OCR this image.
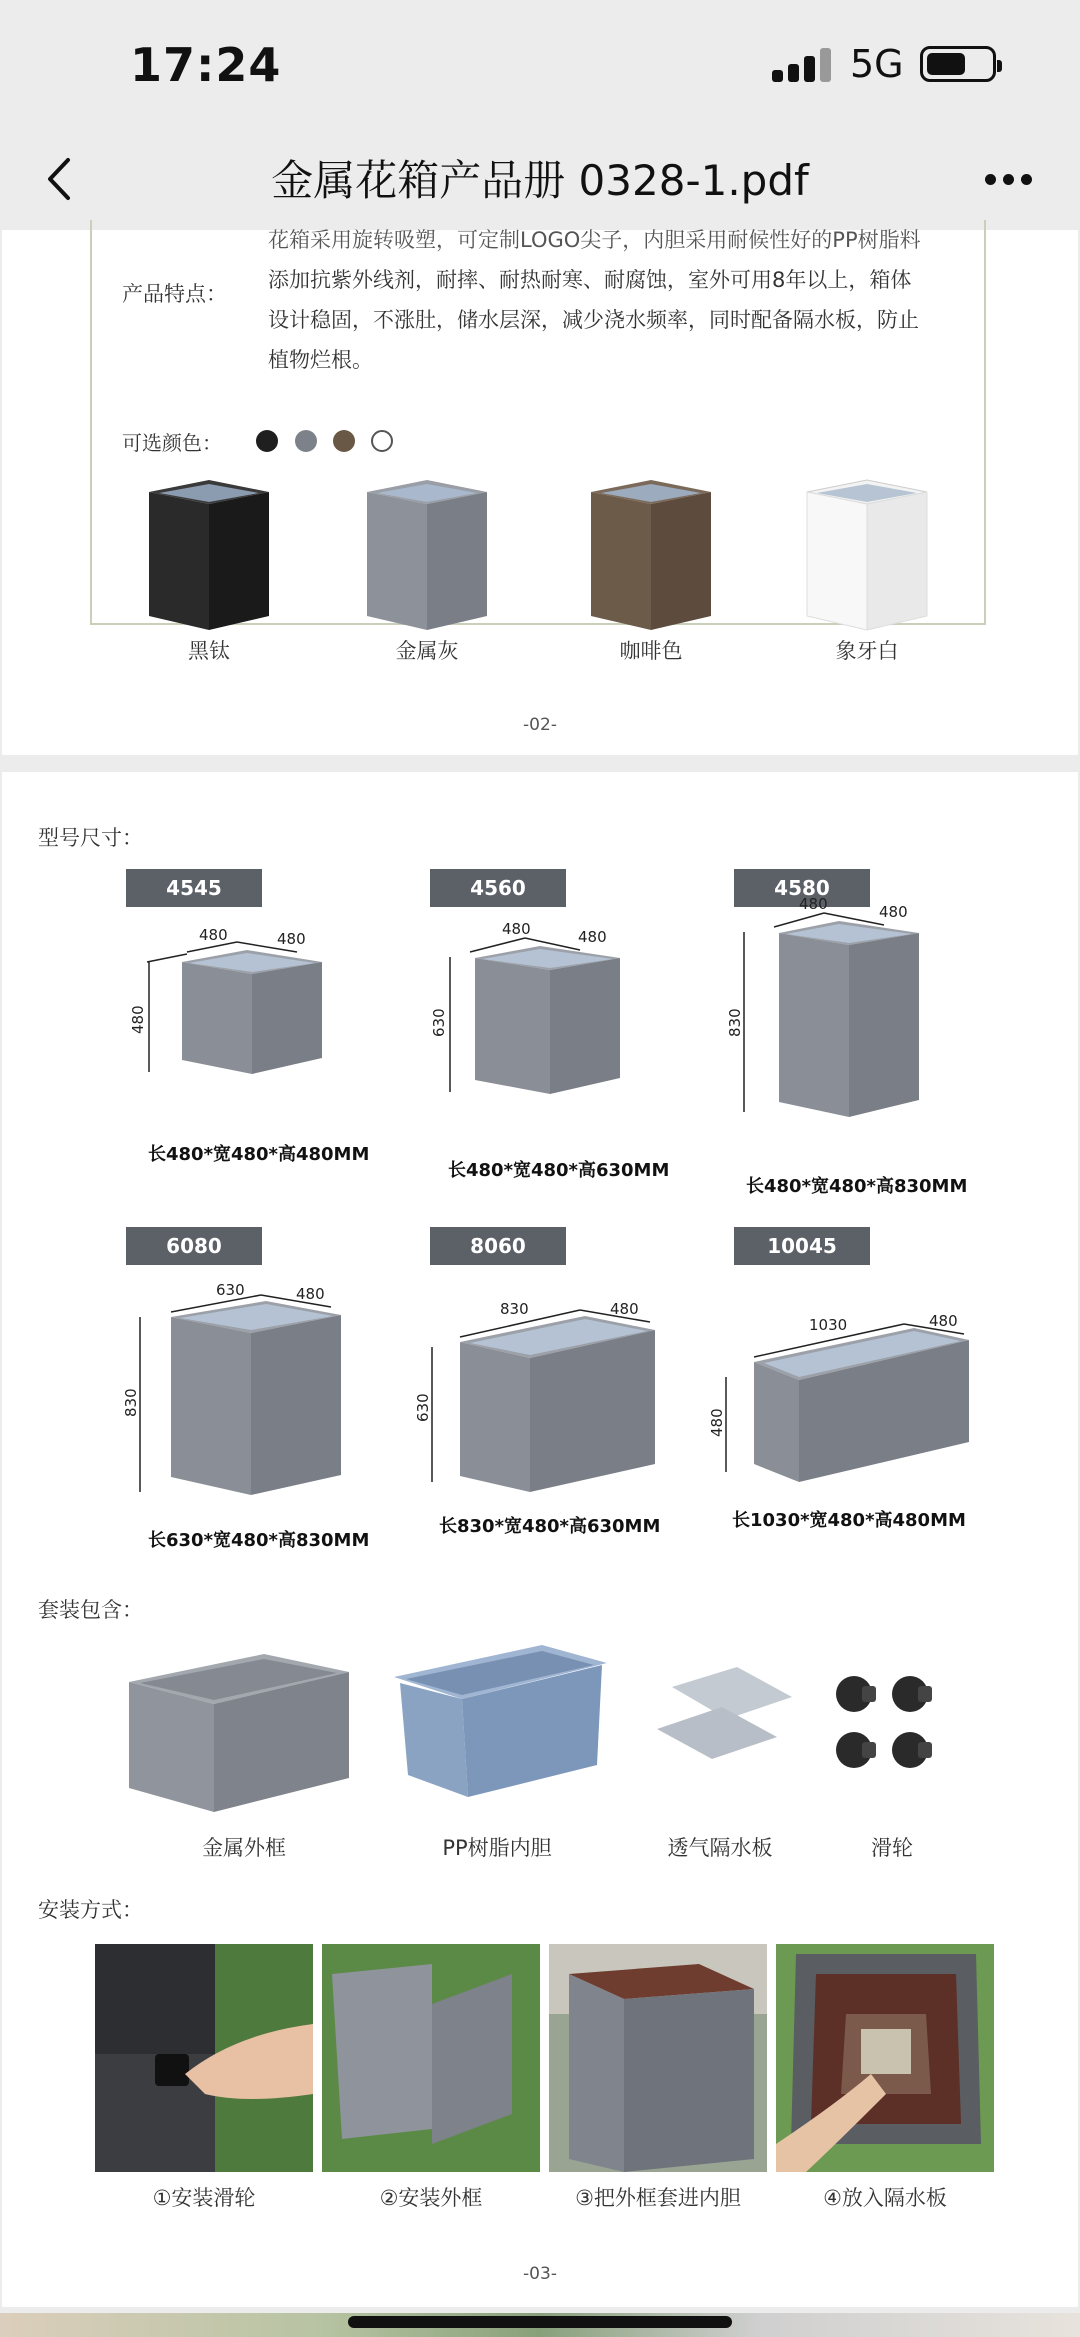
17:24	5G
金属花箱产品册 0328-1.pdf
产品特点：
花箱采用旋转吸塑，可定制LOGO尖子，内胆采用耐候性好的PP树脂料
添加抗紫外线剂，耐摔、耐热耐寒、耐腐蚀，室外可用8年以上，箱体
设计稳固，不涨肚，储水层深，减少浇水频率，同时配备隔水板，防止
植物烂根。
可选颜色：
黑钛	金属灰	咖啡色	象牙白
-02-
型号尺寸：
4545	4560	4580
480	480
480
长480*宽480*高480MM
480	480
630
长480*宽480*高630MM
480	480
830
长480*宽480*高830MM
6080	8060	10045
630	480
830
长630*宽480*高830MM
830	480
630
长830*宽480*高630MM
1030	480
480
长1030*宽480*高480MM
套装包含：
金属外框	PP树脂内胆	透气隔水板	滑轮
安装方式：
①安装滑轮	②安装外框	③把外框套进内胆	④放入隔水板
-03-
